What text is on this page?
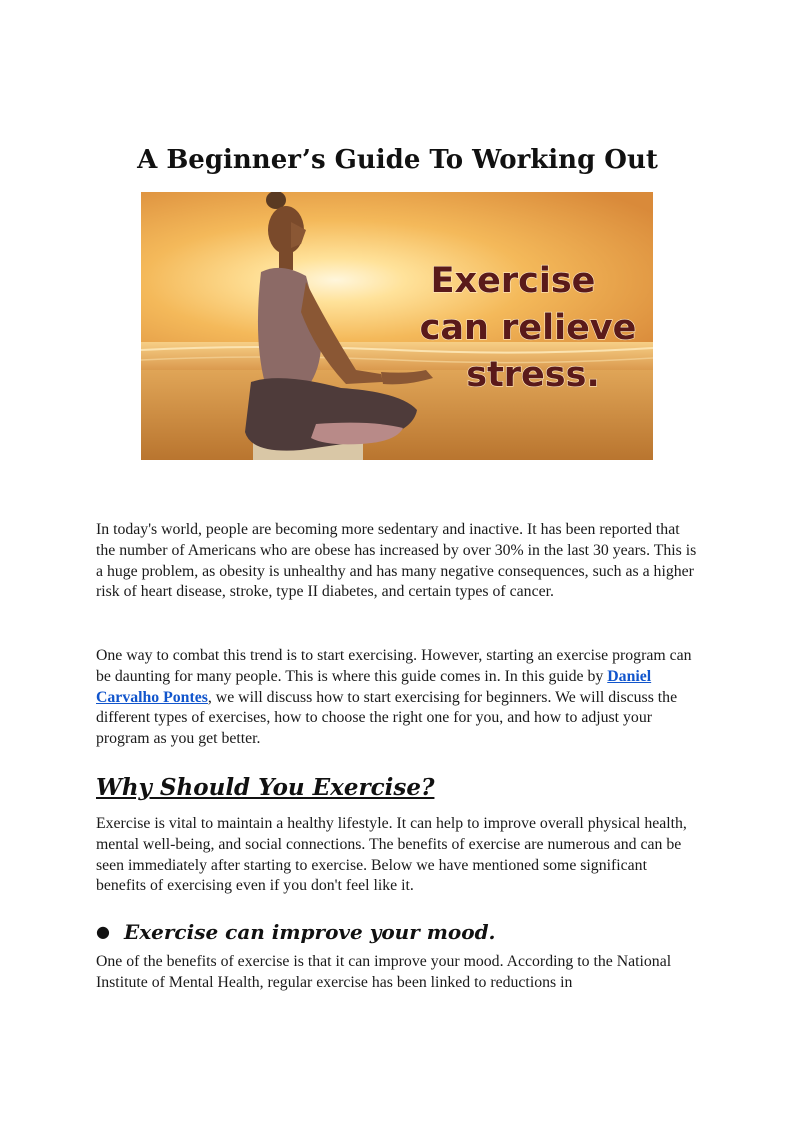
A Beginner’s Guide To Working Out
Exercise
can relieve
stress.

In today's world, people are becoming more sedentary and inactive. It has been reported that the number of Americans who are obese has increased by over 30% in the last 30 years. This is a huge problem, as obesity is unhealthy and has many negative consequences, such as a higher risk of heart disease, stroke, type II diabetes, and certain types of cancer.

One way to combat this trend is to start exercising. However, starting an exercise program can be daunting for many people. This is where this guide comes in. In this guide by Daniel Carvalho Pontes, we will discuss how to start exercising for beginners. We will discuss the different types of exercises, how to choose the right one for you, and how to adjust your program as you get better.

Why Should You Exercise?

Exercise is vital to maintain a healthy lifestyle. It can help to improve overall physical health, mental well-being, and social connections. The benefits of exercise are numerous and can be seen immediately after starting to exercise. Below we have mentioned some significant benefits of exercising even if you don't feel like it.

● Exercise can improve your mood.

One of the benefits of exercise is that it can improve your mood. According to the National Institute of Mental Health, regular exercise has been linked to reductions in
